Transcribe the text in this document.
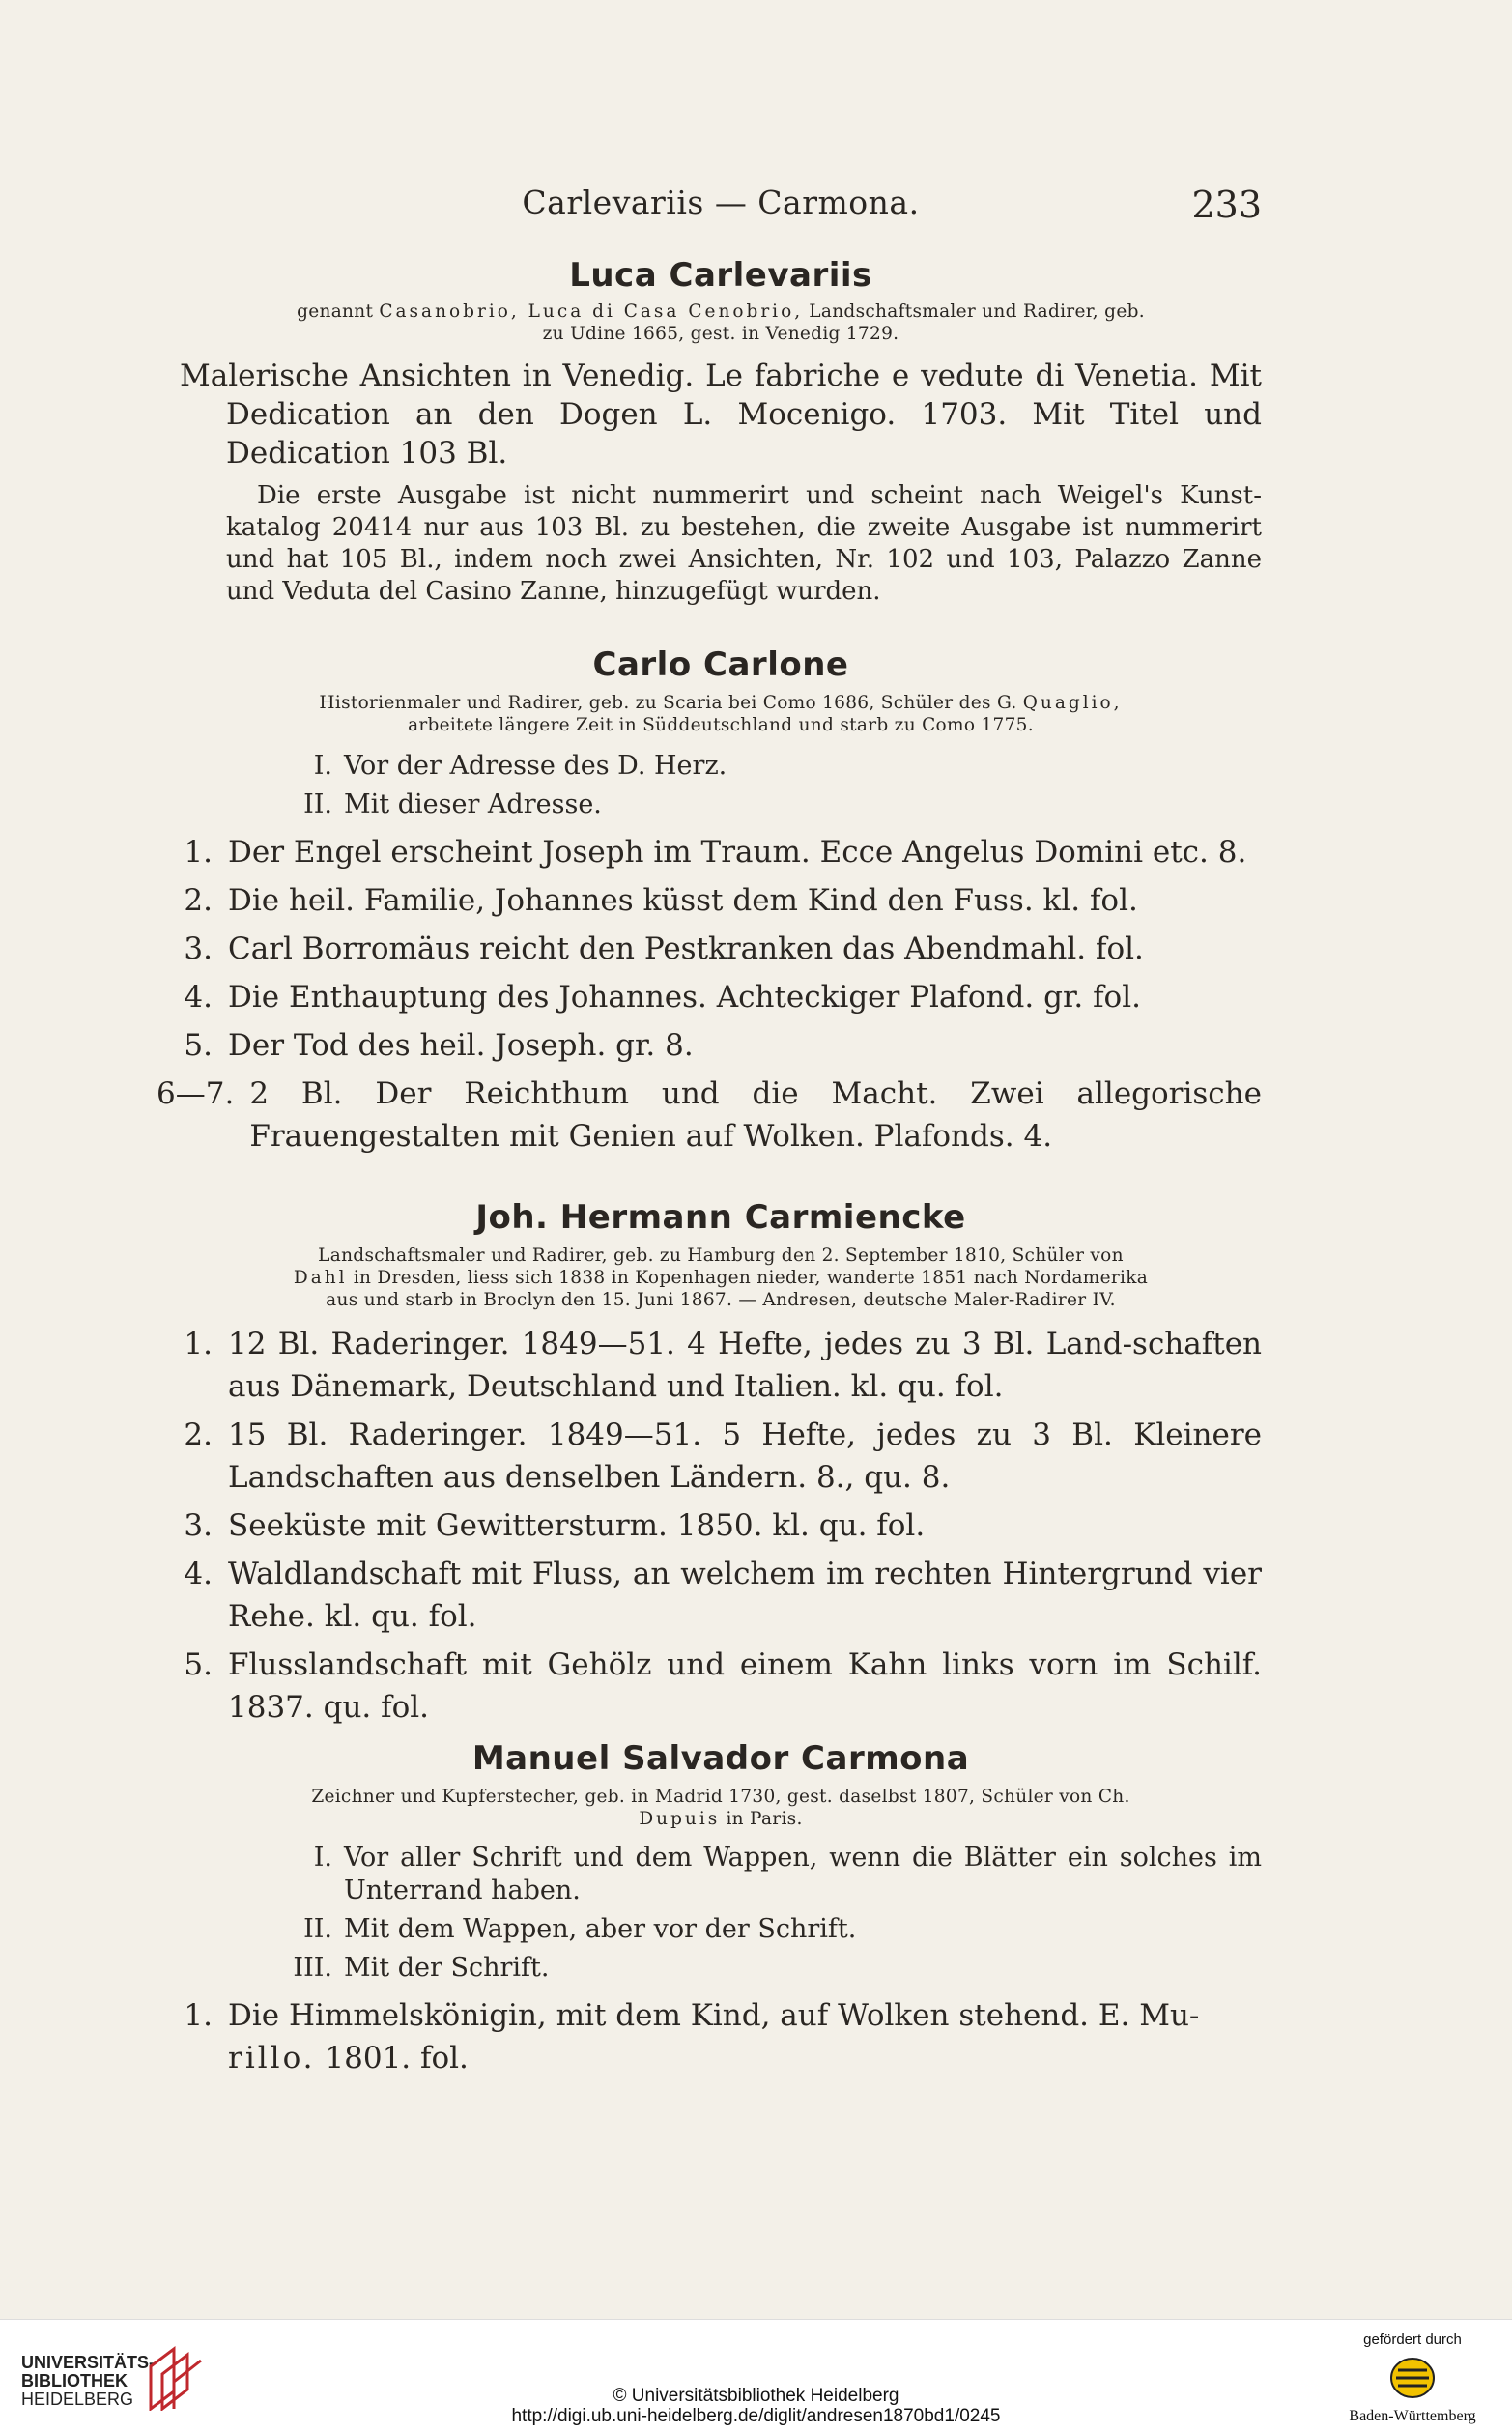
Carlevariis — Carmona.	233
Luca Carlevariis

genannt Casanobrio, Luca di Casa Cenobrio, Landschaftsmaler und Radirer, geb.
zu Udine 1665, gest. in Venedig 1729.

Malerische Ansichten in Venedig. Le fabriche e vedute di Venetia. Mit Dedication an den Dogen L. Mocenigo. 1703. Mit Titel und Dedication 103 Bl.

Die erste Ausgabe ist nicht nummerirt und scheint nach Weigel's Kunst-katalog 20414 nur aus 103 Bl. zu bestehen, die zweite Ausgabe ist nummerirt und hat 105 Bl., indem noch zwei Ansichten, Nr. 102 und 103, Palazzo Zanne und Veduta del Casino Zanne, hinzugefügt wurden.

Carlo Carlone

Historienmaler und Radirer, geb. zu Scaria bei Como 1686, Schüler des G. Quaglio,
arbeitete längere Zeit in Süddeutschland und starb zu Como 1775.

I. Vor der Adresse des D. Herz.
II. Mit dieser Adresse.
1. Der Engel erscheint Joseph im Traum. Ecce Angelus Domini etc. 8.
2. Die heil. Familie, Johannes küsst dem Kind den Fuss. kl. fol.
3. Carl Borromäus reicht den Pestkranken das Abendmahl. fol.
4. Die Enthauptung des Johannes. Achteckiger Plafond. gr. fol.
5. Der Tod des heil. Joseph. gr. 8.
6—7. 2 Bl. Der Reichthum und die Macht. Zwei allegorische Frauengestalten mit Genien auf Wolken. Plafonds. 4.
Joh. Hermann Carmiencke

Landschaftsmaler und Radirer, geb. zu Hamburg den 2. September 1810, Schüler von
Dahl in Dresden, liess sich 1838 in Kopenhagen nieder, wanderte 1851 nach Nordamerika
aus und starb in Broclyn den 15. Juni 1867. — Andresen, deutsche Maler-Radirer IV.

1. 12 Bl. Raderinger. 1849—51. 4 Hefte, jedes zu 3 Bl. Land-schaften aus Dänemark, Deutschland und Italien. kl. qu. fol.
2. 15 Bl. Raderinger. 1849—51. 5 Hefte, jedes zu 3 Bl. Kleinere Landschaften aus denselben Ländern. 8., qu. 8.
3. Seeküste mit Gewittersturm. 1850. kl. qu. fol.
4. Waldlandschaft mit Fluss, an welchem im rechten Hintergrund vier Rehe. kl. qu. fol.
5. Flusslandschaft mit Gehölz und einem Kahn links vorn im Schilf. 1837. qu. fol.
Manuel Salvador Carmona

Zeichner und Kupferstecher, geb. in Madrid 1730, gest. daselbst 1807, Schüler von Ch.
Dupuis in Paris.

I. Vor aller Schrift und dem Wappen, wenn die Blätter ein solches im Unterrand haben.
II. Mit dem Wappen, aber vor der Schrift.
III. Mit der Schrift.
1. Die Himmelskönigin, mit dem Kind, auf Wolken stehend. E. Mu-
rillo. 1801. fol.
UNIVERSITÄTS-
BIBLIOTHEK
HEIDELBERG	© Universitätsbibliothek Heidelberg
http://digi.ub.uni-heidelberg.de/diglit/andresen1870bd1/0245
gefördert durch
Baden-Württemberg
